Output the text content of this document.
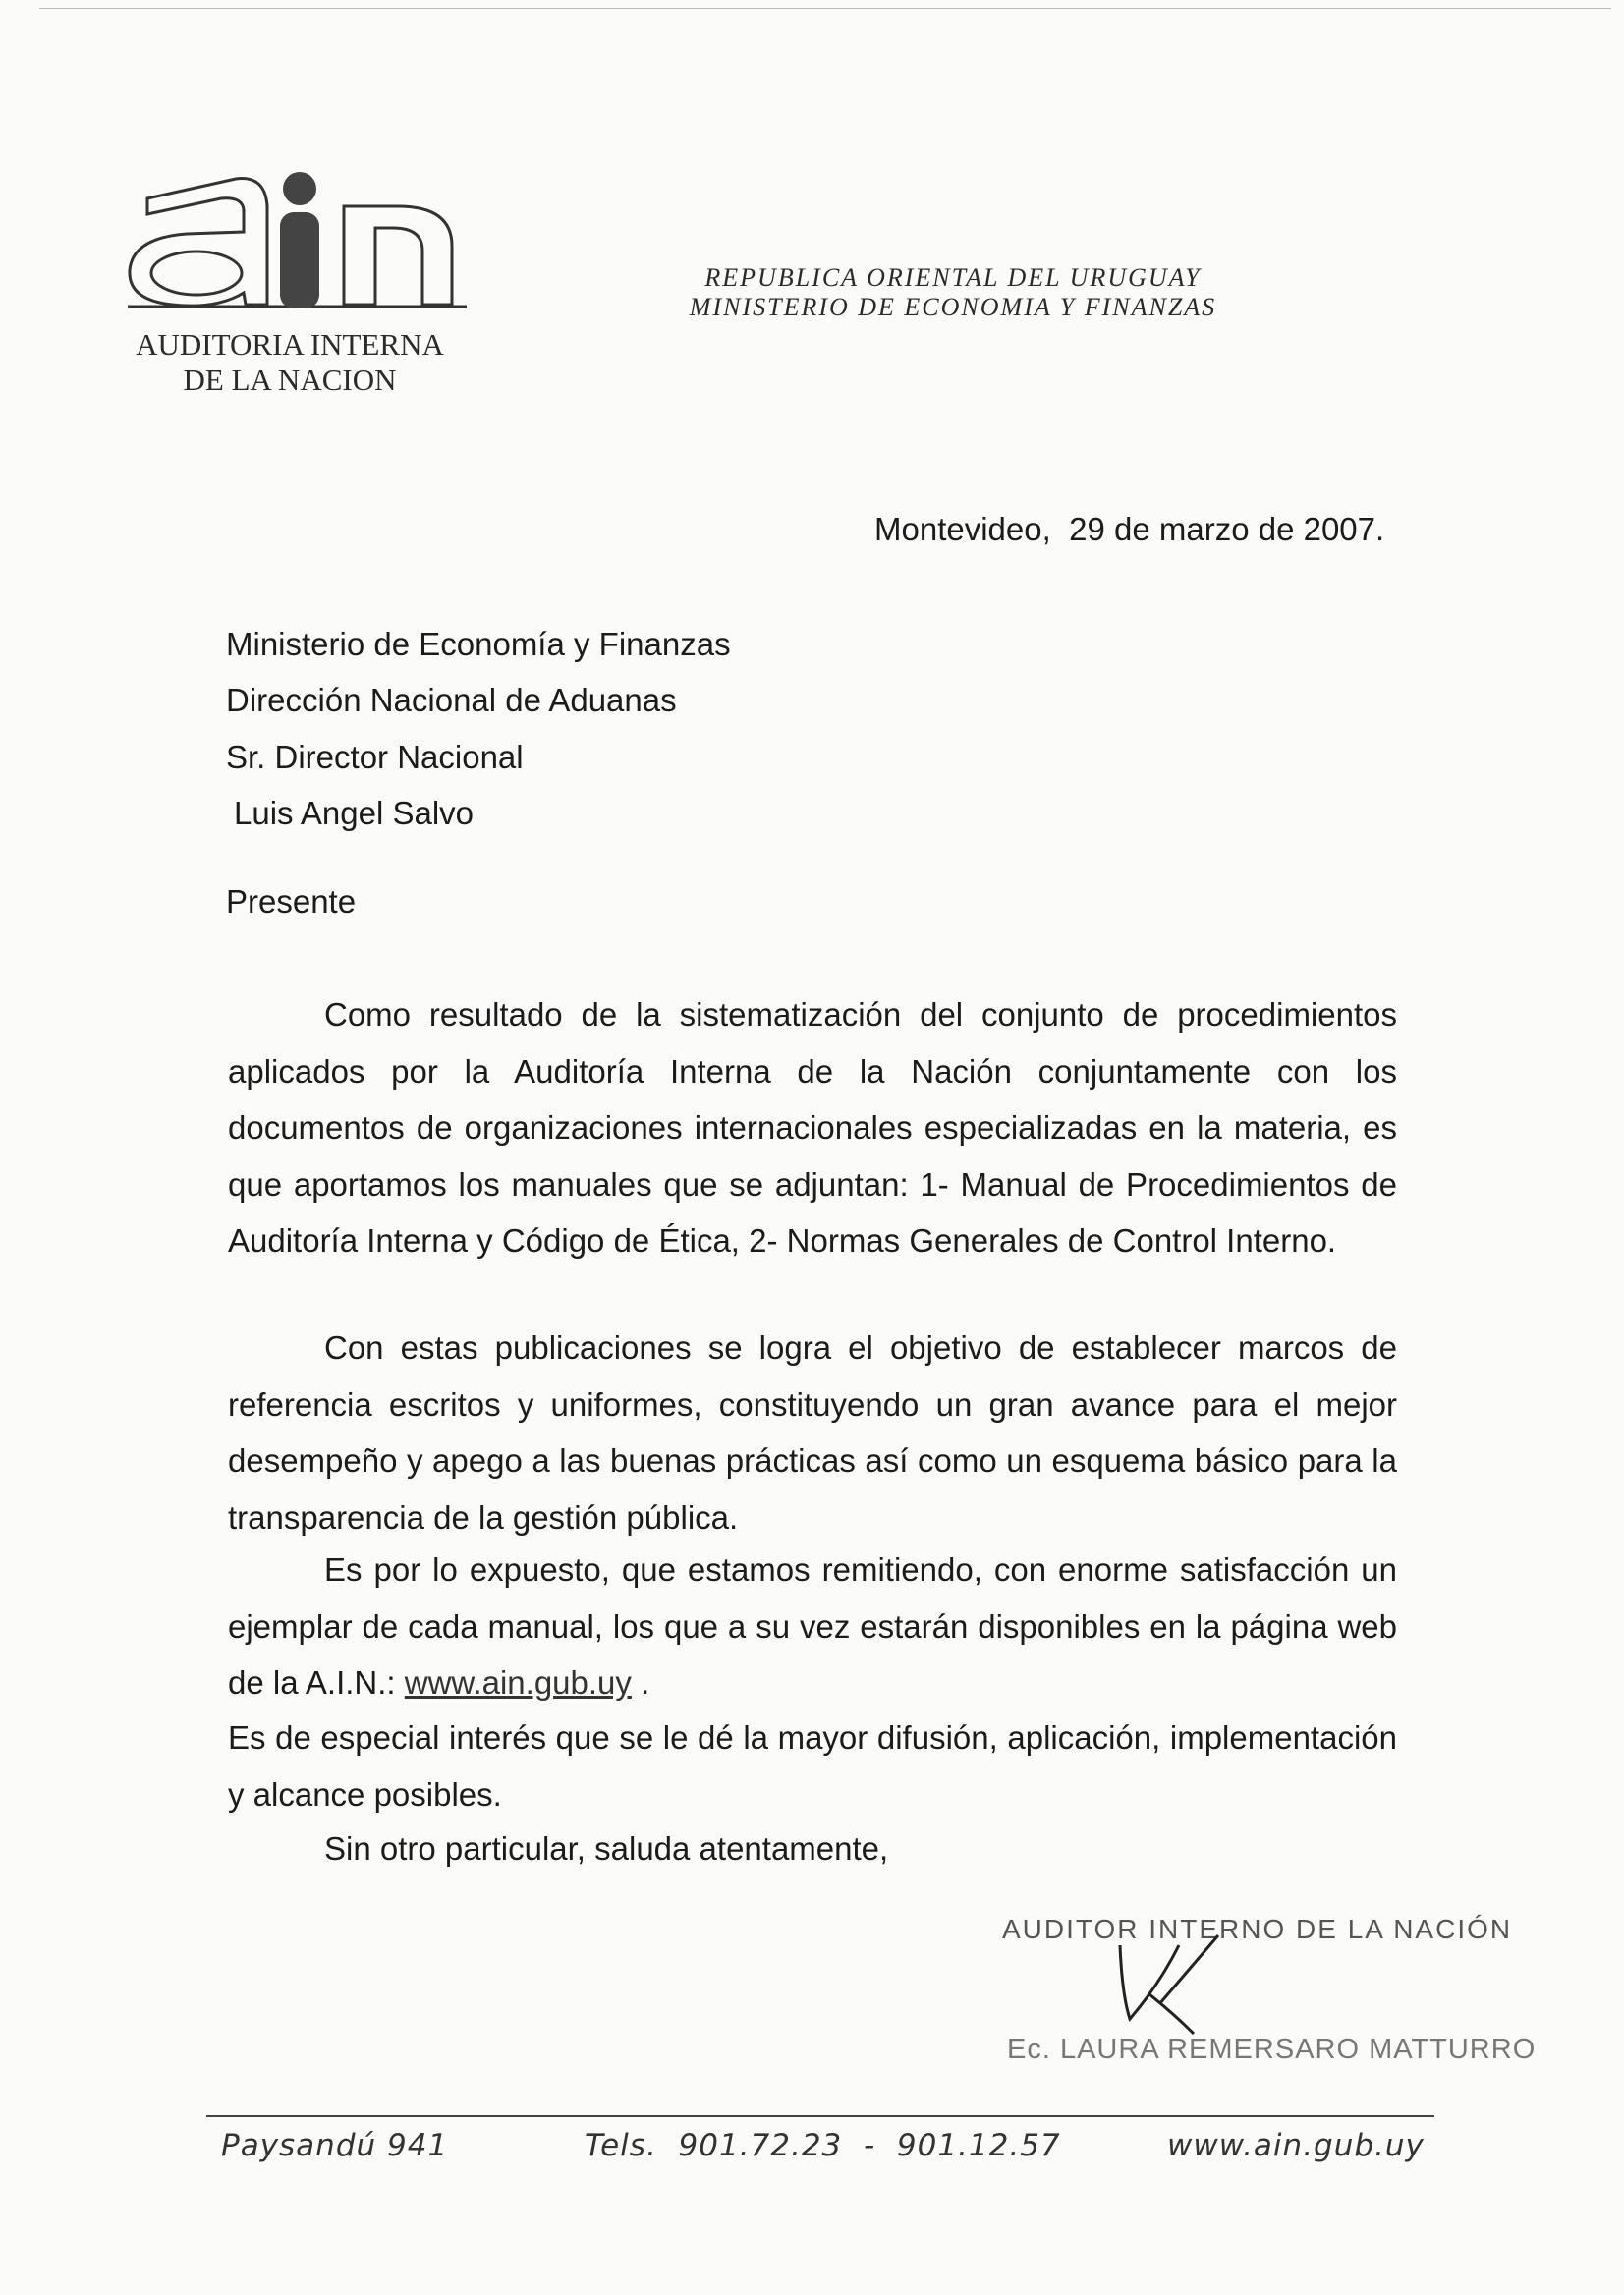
AUDITORIA INTERNA
DE LA NACION
REPUBLICA ORIENTAL DEL URUGUAY
MINISTERIO DE ECONOMIA Y FINANZAS
Montevideo,  29 de marzo de 2007.
Ministerio de Economía y Finanzas
Dirección Nacional de Aduanas
Sr. Director Nacional
Luis Angel Salvo
Presente
Como resultado de la sistematización del conjunto de procedimientos aplicados por la Auditoría Interna de la Nación conjuntamente con los documentos de organizaciones internacionales especializadas en la materia, es que aportamos los manuales que se adjuntan: 1- Manual de Procedimientos de Auditoría Interna y Código de Ética, 2- Normas Generales de Control Interno.
Con estas publicaciones se logra el objetivo de establecer marcos de referencia escritos y uniformes, constituyendo un gran avance para el mejor desempeño y apego a las buenas prácticas así como un esquema básico para la transparencia de la gestión pública.
Es por lo expuesto, que estamos remitiendo, con enorme satisfacción un ejemplar de cada manual, los que a su vez estarán disponibles en la página web de la A.I.N.: www.ain.gub.uy .
Es de especial interés que se le dé la mayor difusión, aplicación, implementación y alcance posibles.
Sin otro particular, saluda atentamente,
AUDITOR INTERNO DE LA NACIÓN
Ec. LAURA REMERSARO MATTURRO
Paysandú 941	Tels.  901.72.23  -  901.12.57	www.ain.gub.uy
